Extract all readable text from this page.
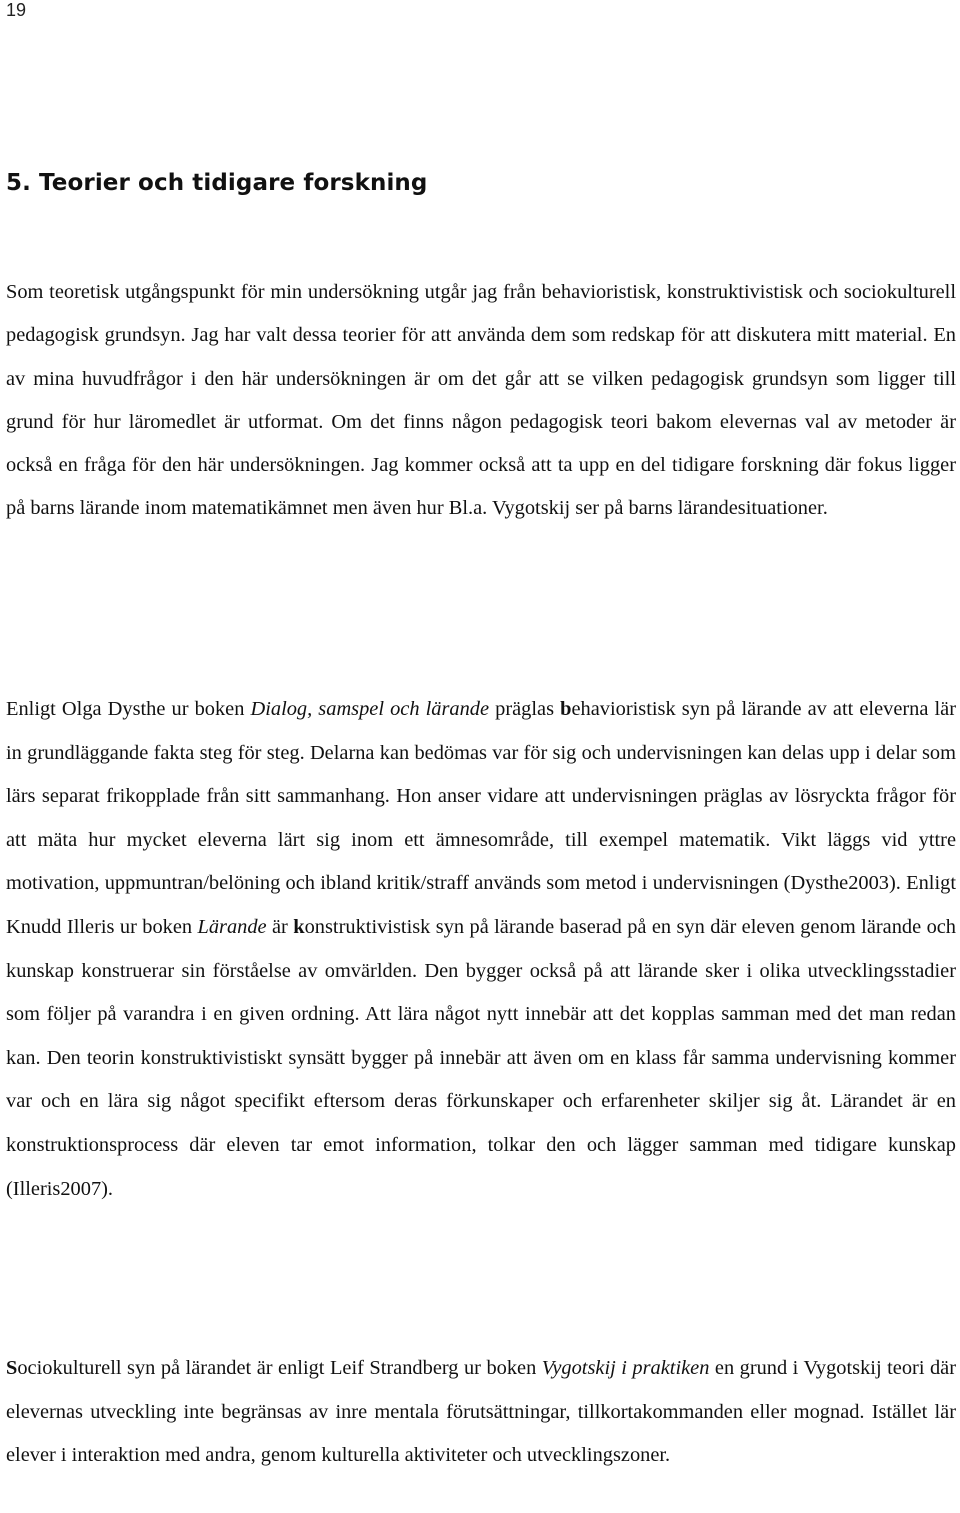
19
5. Teorier och tidigare forskning

Som teoretisk utgångspunkt för min undersökning utgår jag från behavioristisk, konstruktivistisk och sociokulturell pedagogisk grundsyn. Jag har valt dessa teorier för att använda dem som redskap för att diskutera mitt material. En av mina huvudfrågor i den här undersökningen är om det går att se vilken pedagogisk grundsyn som ligger till grund för hur läromedlet är utformat. Om det finns någon pedagogisk teori bakom elevernas val av metoder är också en fråga för den här undersökningen. Jag kommer också att ta upp en del tidigare forskning där fokus ligger på barns lärande inom matematikämnet men även hur Bl.a. Vygotskij ser på barns lärandesituationer.

Enligt Olga Dysthe ur boken Dialog, samspel och lärande präglas behavioristisk syn på lärande av att eleverna lär in grundläggande fakta steg för steg. Delarna kan bedömas var för sig och undervisningen kan delas upp i delar som lärs separat frikopplade från sitt sammanhang. Hon anser vidare att undervisningen präglas av lösryckta frågor för att mäta hur mycket eleverna lärt sig inom ett ämnesområde, till exempel matematik. Vikt läggs vid yttre motivation, uppmuntran/belöning och ibland kritik/straff används som metod i undervisningen (Dysthe2003). Enligt Knudd Illeris ur boken Lärande är konstruktivistisk syn på lärande baserad på en syn där eleven genom lärande och kunskap konstruerar sin förståelse av omvärlden. Den bygger också på att lärande sker i olika utvecklingsstadier som följer på varandra i en given ordning. Att lära något nytt innebär att det kopplas samman med det man redan kan. Den teorin konstruktivistiskt synsätt bygger på innebär att även om en klass får samma undervisning kommer var och en lära sig något specifikt eftersom deras förkunskaper och erfarenheter skiljer sig åt. Lärandet är en konstruktionsprocess där eleven tar emot information, tolkar den och lägger samman med tidigare kunskap (Illeris2007).

Sociokulturell syn på lärandet är enligt Leif Strandberg ur boken Vygotskij i praktiken en grund i Vygotskij teori där elevernas utveckling inte begränsas av inre mentala förutsättningar, tillkortakommanden eller mognad. Istället lär elever i interaktion med andra, genom kulturella aktiviteter och utvecklingszoner.
